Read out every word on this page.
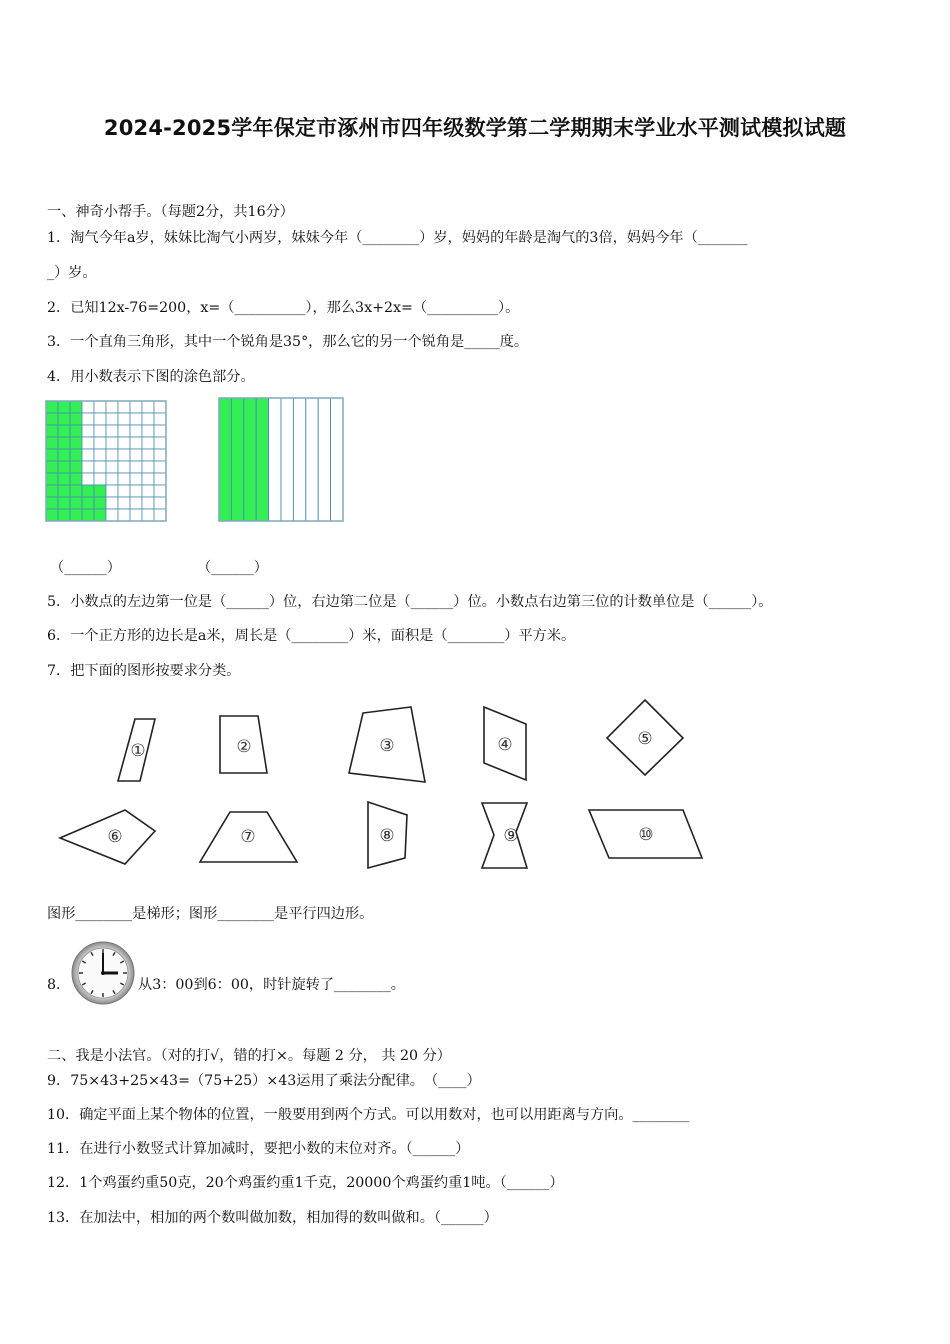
2024-2025学年保定市涿州市四年级数学第二学期期末学业水平测试模拟试题
一、神奇小帮手。（每题2分，共16分）
1．淘气今年a岁，妹妹比淘气小两岁，妹妹今年（________）岁，妈妈的年龄是淘气的3倍，妈妈今年（_______
_）岁。
2．已知12x-76=200，x=（__________），那么3x+2x=（__________）。
3．一个直角三角形，其中一个锐角是35°，那么它的另一个锐角是_____度。
4．用小数表示下图的涂色部分。
（______）	（______）
5．小数点的左边第一位是（______）位，右边第二位是（______）位。小数点右边第三位的计数单位是（______）。
6．一个正方形的边长是a米，周长是（________）米，面积是（________）平方米。
7．把下面的图形按要求分类。
①	②	③	④	⑤
⑥	⑦	⑧	⑨	⑩
图形________是梯形；图形________是平行四边形。
8．	从3：00到6：00，时针旋转了________。
二、我是小法官。（对的打√，错的打×。每题 2 分， 共 20 分）
9．75×43+25×43=（75+25）×43运用了乘法分配律。　（____）
10．确定平面上某个物体的位置，一般要用到两个方式。可以用数对，也可以用距离与方向。________
11．在进行小数竖式计算加减时，要把小数的末位对齐。（______）
12．1个鸡蛋约重50克，20个鸡蛋约重1千克，20000个鸡蛋约重1吨。（______）
13．在加法中，相加的两个数叫做加数，相加得的数叫做和。（______）
